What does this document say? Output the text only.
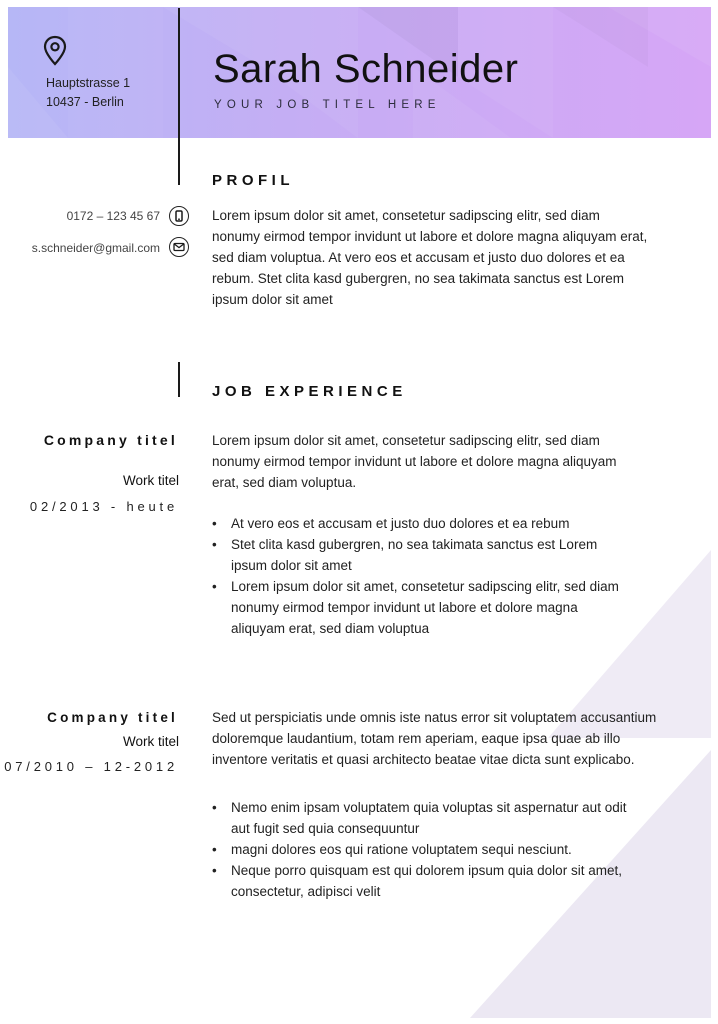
Hauptstrasse 1
10437 - Berlin
Sarah Schneider
YOUR JOB TITEL HERE
PROFIL
0172 – 123 45 67
s.schneider@gmail.com
Lorem ipsum dolor sit amet, consetetur sadipscing elitr, sed diam nonumy eirmod tempor invidunt ut labore et dolore magna aliquyam erat, sed diam voluptua. At vero eos et accusam et justo duo dolores et ea rebum. Stet clita kasd gubergren, no sea takimata sanctus est Lorem ipsum dolor sit amet
JOB EXPERIENCE
Company titel
Work titel
02/2013 - heute
Lorem ipsum dolor sit amet, consetetur sadipscing elitr, sed diam nonumy eirmod tempor invidunt ut labore et dolore magna aliquyam erat, sed diam voluptua.
• At vero eos et accusam et justo duo dolores et ea rebum
• Stet clita kasd gubergren, no sea takimata sanctus est Lorem ipsum dolor sit amet
• Lorem ipsum dolor sit amet, consetetur sadipscing elitr, sed diam nonumy eirmod tempor invidunt ut labore et dolore magna aliquyam erat, sed diam voluptua
Company titel
Work titel
07/2010 – 12-2012
Sed ut perspiciatis unde omnis iste natus error sit voluptatem accusantium doloremque laudantium, totam rem aperiam, eaque ipsa quae ab illo inventore veritatis et quasi architecto beatae vitae dicta sunt explicabo.
• Nemo enim ipsam voluptatem quia voluptas sit aspernatur aut odit aut fugit sed quia consequuntur
• magni dolores eos qui ratione voluptatem sequi nesciunt.
• Neque porro quisquam est qui dolorem ipsum quia dolor sit amet, consectetur, adipisci velit
